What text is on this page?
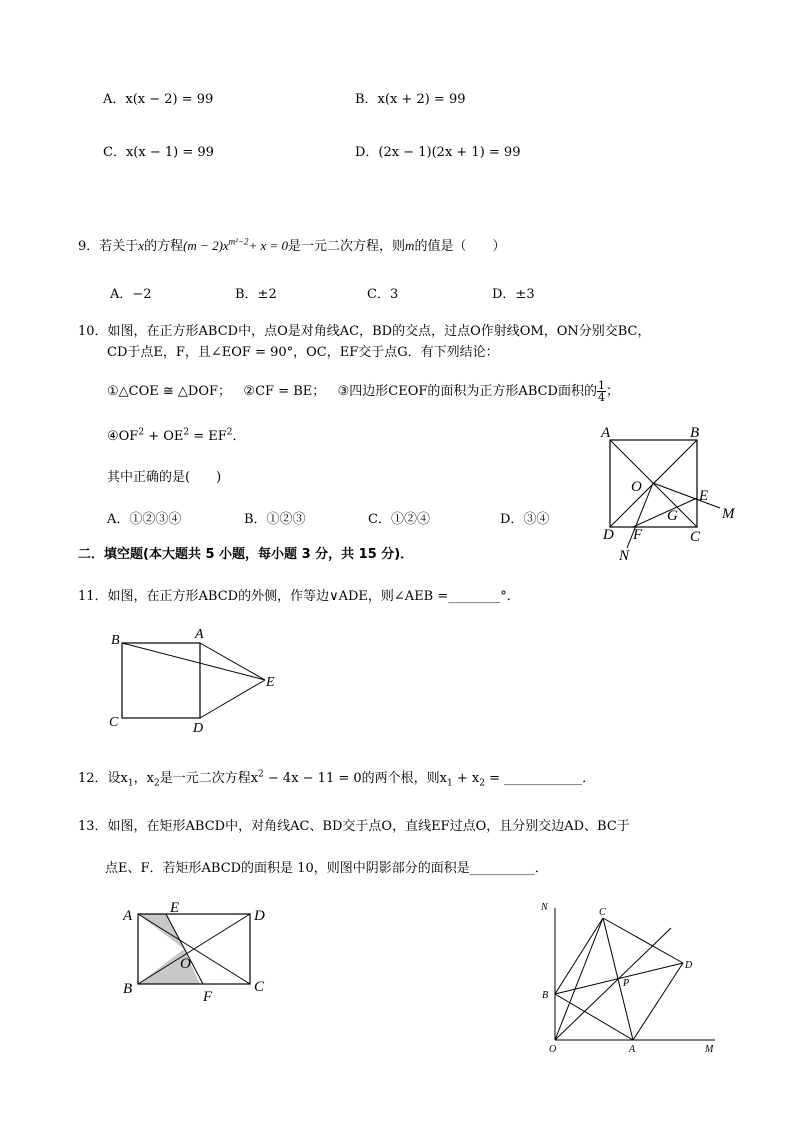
A．x(x − 2) = 99	B．x(x + 2) = 99
C．x(x − 1) = 99	D．(2x − 1)(2x + 1) = 99
9．若关于x的方程$(m - 2)x^{m^2-2}+ x = 0$是一元二次方程，则m的值是（　　）
A．−2	B．±2	C．3	D．±3
10．如图，在正方形ABCD中，点O是对角线AC，BD的交点，过点O作射线OM，ON分别交BC，
CD于点E，F，且∠EOF = 90°，OC，EF交于点G．有下列结论：
①△COE ≅ △DOF； ②CF = BE； ③四边形CEOF的面积为正方形ABCD面积的 $\frac{1}{4}$ ；
$④OF^2 + OE^2 = EF^2$．
其中正确的是(　　)
A．①②③④	B．①②③	C．①②④	D．③④
A	B
O
E
M
G
D F	C
N
二．填空题(本大题共 5 小题，每小题 3 分，共 15 分)．
11．如图，在正方形ABCD的外侧，作等边∨ADE，则∠AEB =________°．
B	A
E
C	D
12．设$x_1$，$x_2$是一元二次方程$x^2 - 4x - 11 = 0$的两个根，则$x_1 + x_2$ = ____________．
13．如图，在矩形ABCD中，对角线AC、BD交于点O，直线EF过点O，且分别交边AD、BC于
点E、F．若矩形ABCD的面积是 10，则图中阴影部分的面积是__________．
A	E	D
O
B	F
C
N	C
D
P
B
O	A	M
